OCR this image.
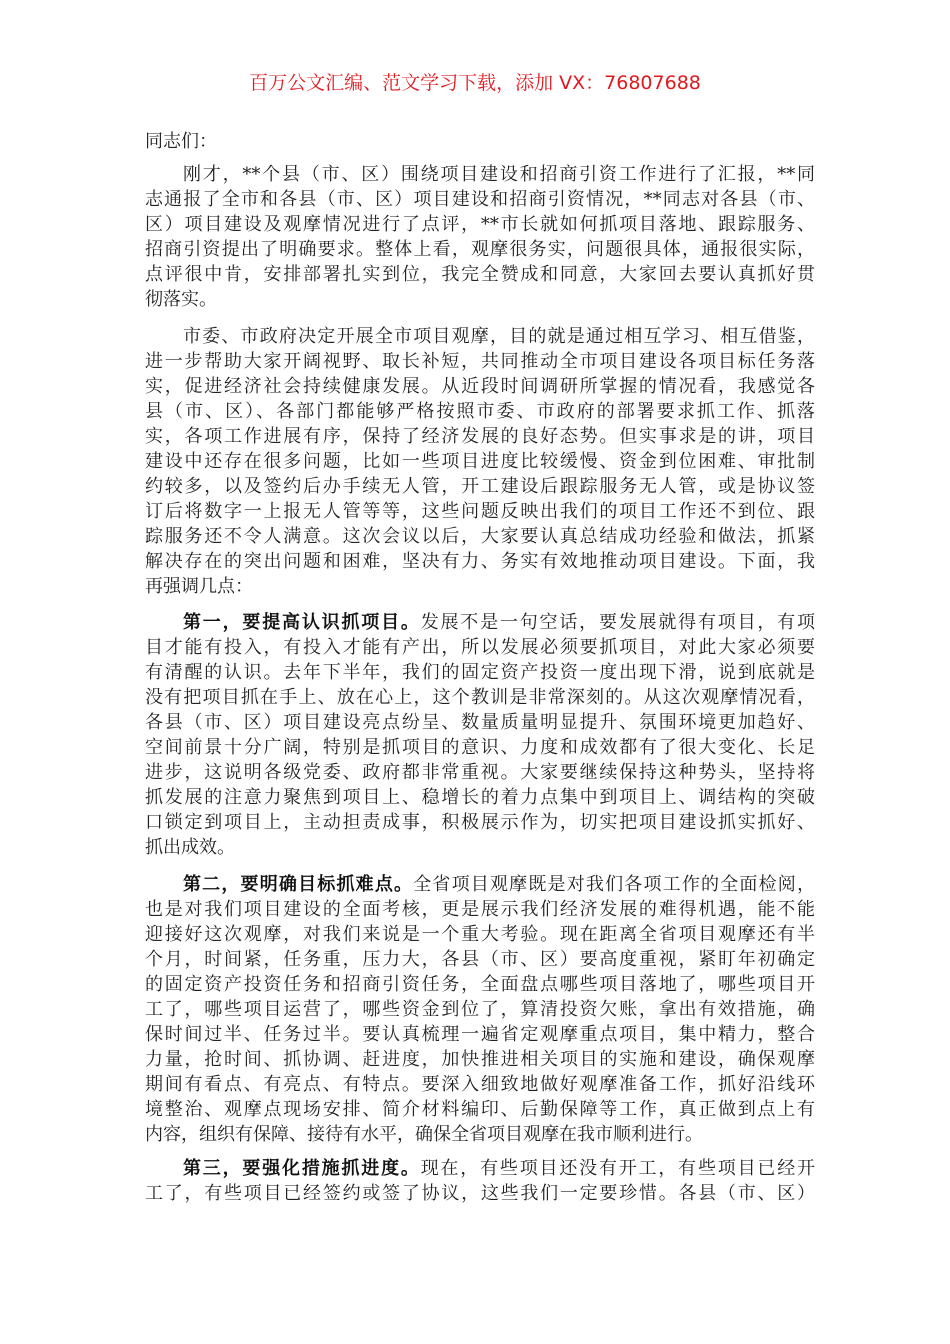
百万公文汇编、范文学习下载，添加 VX：76807688
同志们：
刚才，**个县（市、区）围绕项目建设和招商引资工作进行了汇报，**同
志通报了全市和各县（市、区）项目建设和招商引资情况，**同志对各县（市、
区）项目建设及观摩情况进行了点评，**市长就如何抓项目落地、跟踪服务、
招商引资提出了明确要求。整体上看，观摩很务实，问题很具体，通报很实际，
点评很中肯，安排部署扎实到位，我完全赞成和同意，大家回去要认真抓好贯
彻落实。
市委、市政府决定开展全市项目观摩，目的就是通过相互学习、相互借鉴，
进一步帮助大家开阔视野、取长补短，共同推动全市项目建设各项目标任务落
实，促进经济社会持续健康发展。从近段时间调研所掌握的情况看，我感觉各
县（市、区）、各部门都能够严格按照市委、市政府的部署要求抓工作、抓落
实，各项工作进展有序，保持了经济发展的良好态势。但实事求是的讲，项目
建设中还存在很多问题，比如一些项目进度比较缓慢、资金到位困难、审批制
约较多，以及签约后办手续无人管，开工建设后跟踪服务无人管，或是协议签
订后将数字一上报无人管等等，这些问题反映出我们的项目工作还不到位、跟
踪服务还不令人满意。这次会议以后，大家要认真总结成功经验和做法，抓紧
解决存在的突出问题和困难，坚决有力、务实有效地推动项目建设。下面，我
再强调几点：
第一，要提高认识抓项目。发展不是一句空话，要发展就得有项目，有项
目才能有投入，有投入才能有产出，所以发展必须要抓项目，对此大家必须要
有清醒的认识。去年下半年，我们的固定资产投资一度出现下滑，说到底就是
没有把项目抓在手上、放在心上，这个教训是非常深刻的。从这次观摩情况看，
各县（市、区）项目建设亮点纷呈、数量质量明显提升、氛围环境更加趋好、
空间前景十分广阔，特别是抓项目的意识、力度和成效都有了很大变化、长足
进步，这说明各级党委、政府都非常重视。大家要继续保持这种势头，坚持将
抓发展的注意力聚焦到项目上、稳增长的着力点集中到项目上、调结构的突破
口锁定到项目上，主动担责成事，积极展示作为，切实把项目建设抓实抓好、
抓出成效。
第二，要明确目标抓难点。全省项目观摩既是对我们各项工作的全面检阅，
也是对我们项目建设的全面考核，更是展示我们经济发展的难得机遇，能不能
迎接好这次观摩，对我们来说是一个重大考验。现在距离全省项目观摩还有半
个月，时间紧，任务重，压力大，各县（市、区）要高度重视，紧盯年初确定
的固定资产投资任务和招商引资任务，全面盘点哪些项目落地了，哪些项目开
工了，哪些项目运营了，哪些资金到位了，算清投资欠账，拿出有效措施，确
保时间过半、任务过半。要认真梳理一遍省定观摩重点项目，集中精力，整合
力量，抢时间、抓协调、赶进度，加快推进相关项目的实施和建设，确保观摩
期间有看点、有亮点、有特点。要深入细致地做好观摩准备工作，抓好沿线环
境整治、观摩点现场安排、简介材料编印、后勤保障等工作，真正做到点上有
内容，组织有保障、接待有水平，确保全省项目观摩在我市顺利进行。
第三，要强化措施抓进度。现在，有些项目还没有开工，有些项目已经开
工了，有些项目已经签约或签了协议，这些我们一定要珍惜。各县（市、区）
